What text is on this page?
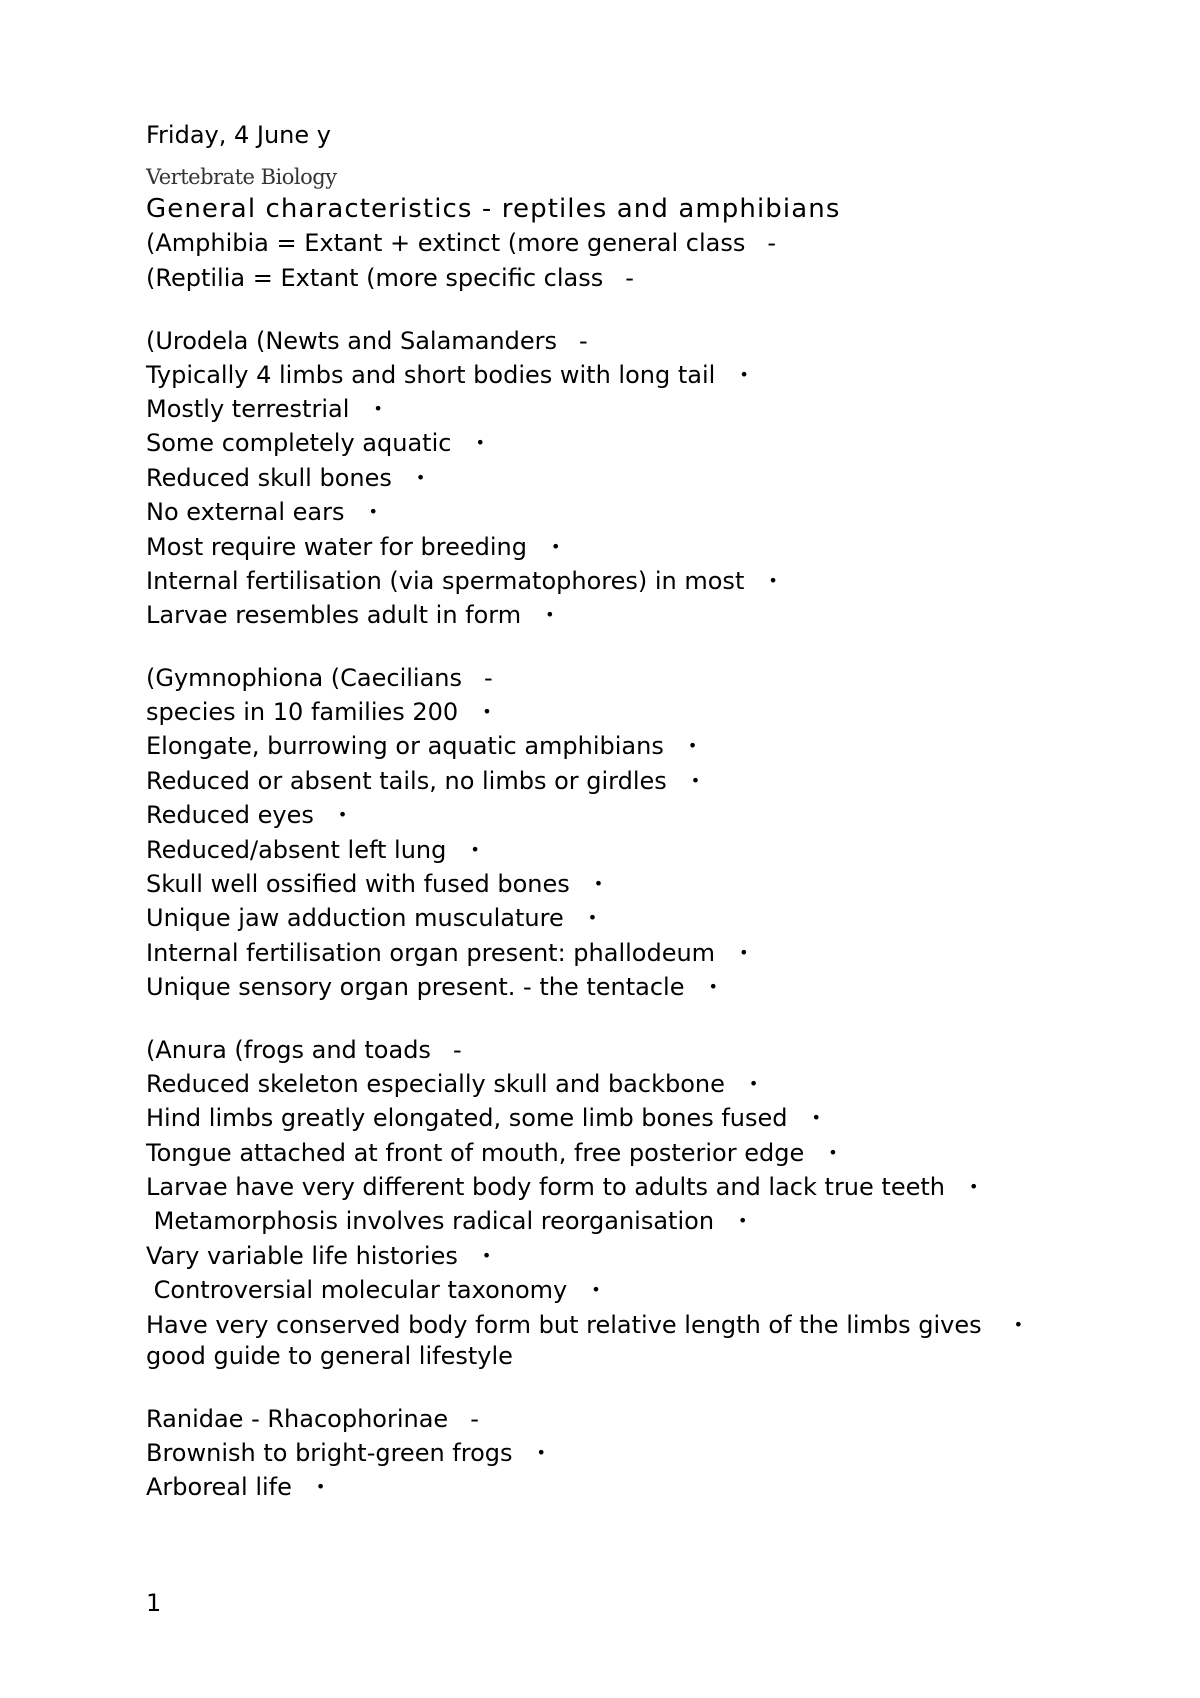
Friday, 4 June y
Vertebrate Biology
General characteristics - reptiles and amphibians
(Amphibia = Extant + extinct (more general class -
(Reptilia = Extant (more specific class -
(Urodela (Newts and Salamanders -
Typically 4 limbs and short bodies with long tail •
Mostly terrestrial •
Some completely aquatic •
Reduced skull bones •
No external ears •
Most require water for breeding •
Internal fertilisation (via spermatophores) in most •
Larvae resembles adult in form •
(Gymnophiona (Caecilians -
species in 10 families 200 •
Elongate, burrowing or aquatic amphibians •
Reduced or absent tails, no limbs or girdles •
Reduced eyes •
Reduced/absent left lung •
Skull well ossified with fused bones •
Unique jaw adduction musculature •
Internal fertilisation organ present: phallodeum •
Unique sensory organ present. - the tentacle •
(Anura (frogs and toads -
Reduced skeleton especially skull and backbone •
Hind limbs greatly elongated, some limb bones fused •
Tongue attached at front of mouth, free posterior edge •
Larvae have very different body form to adults and lack true teeth •
Metamorphosis involves radical reorganisation •
Vary variable life histories •
Controversial molecular taxonomy •
Have very conserved body form but relative length of the limbs gives •
good guide to general lifestyle
Ranidae - Rhacophorinae -
Brownish to bright-green frogs •
Arboreal life •
1
